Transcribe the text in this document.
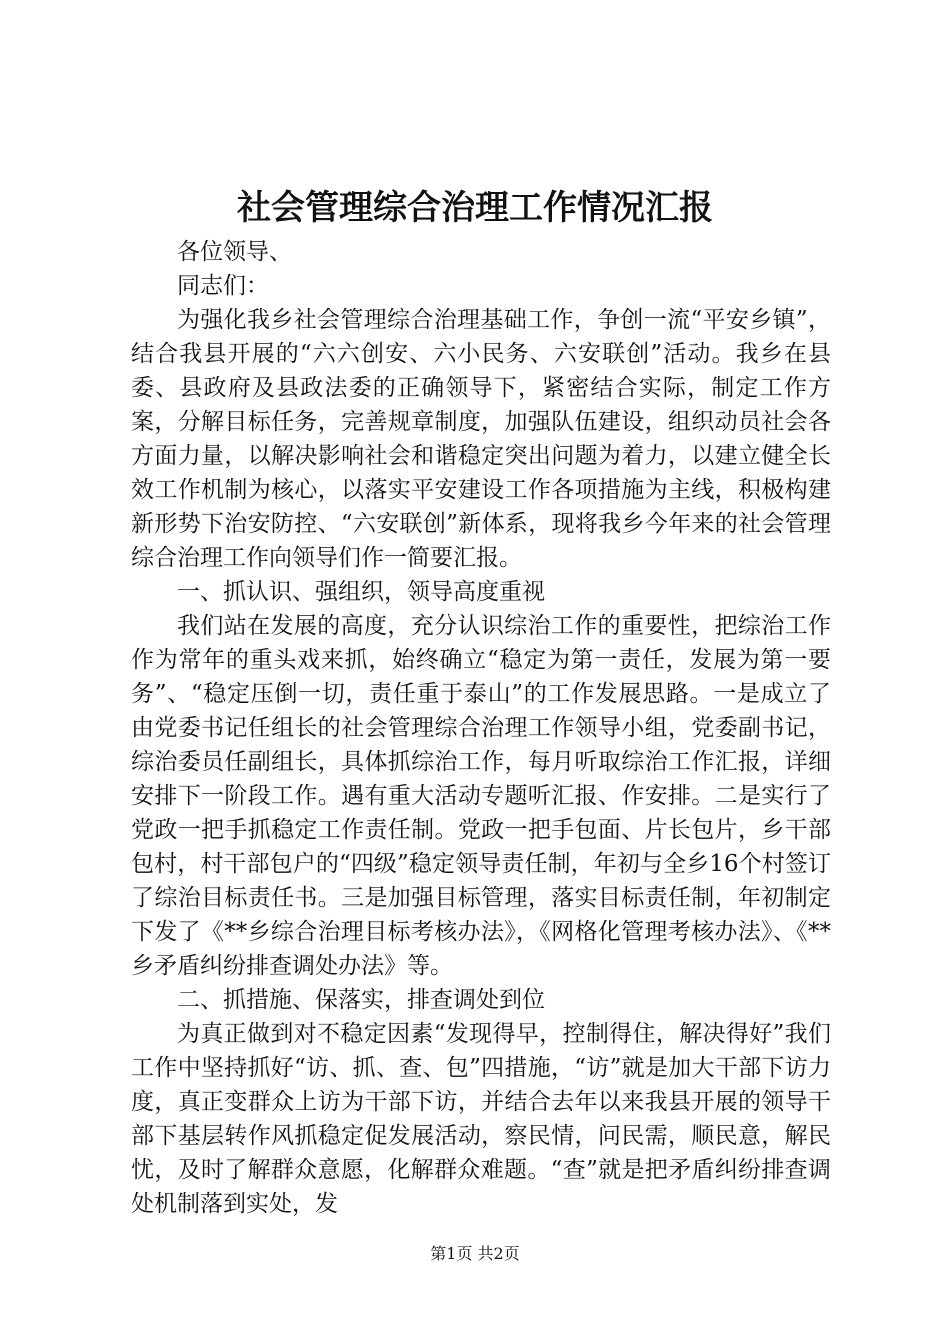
社会管理综合治理工作情况汇报

各位领导、

同志们：

为强化我乡社会管理综合治理基础工作，争创一流“平安乡镇”，结合我县开展的“六六创安、六小民务、六安联创”活动。我乡在县委、县政府及县政法委的正确领导下，紧密结合实际，制定工作方案，分解目标任务，完善规章制度，加强队伍建设，组织动员社会各方面力量，以解决影响社会和谐稳定突出问题为着力，以建立健全长效工作机制为核心，以落实平安建设工作各项措施为主线，积极构建新形势下治安防控、“六安联创”新体系，现将我乡今年来的社会管理综合治理工作向领导们作一简要汇报。

一、抓认识、强组织，领导高度重视

我们站在发展的高度，充分认识综治工作的重要性，把综治工作作为常年的重头戏来抓，始终确立“稳定为第一责任，发展为第一要务”、“稳定压倒一切，责任重于泰山”的工作发展思路。一是成立了由党委书记任组长的社会管理综合治理工作领导小组，党委副书记，综治委员任副组长，具体抓综治工作，每月听取综治工作汇报，详细安排下一阶段工作。遇有重大活动专题听汇报、作安排。二是实行了党政一把手抓稳定工作责任制。党政一把手包面、片长包片，乡干部包村，村干部包户的“四级”稳定领导责任制，年初与全乡16个村签订了综治目标责任书。三是加强目标管理，落实目标责任制，年初制定下发了《**乡综合治理目标考核办法》，《网格化管理考核办法》、《**乡矛盾纠纷排查调处办法》等。

二、抓措施、保落实，排查调处到位

为真正做到对不稳定因素“发现得早，控制得住，解决得好”我们工作中坚持抓好“访、抓、查、包”四措施，“访”就是加大干部下访力度，真正变群众上访为干部下访，并结合去年以来我县开展的领导干部下基层转作风抓稳定促发展活动，察民情，问民需，顺民意，解民忧，及时了解群众意愿，化解群众难题。“查”就是把矛盾纠纷排查调处机制落到实处，发

第1页 共2页
